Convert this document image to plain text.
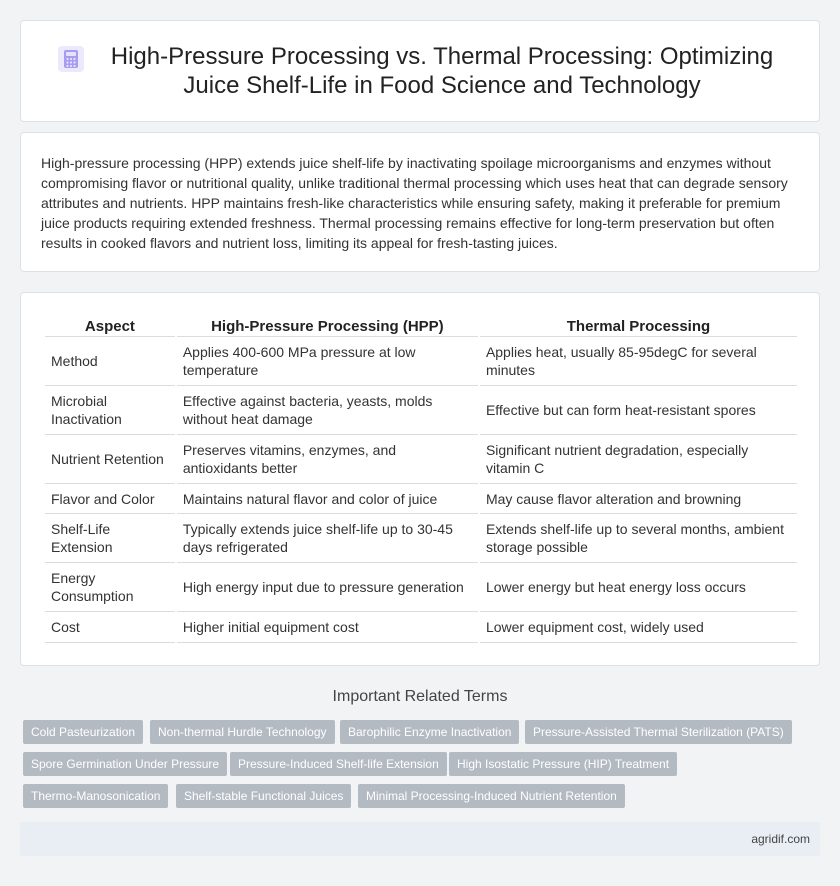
High-Pressure Processing vs. Thermal Processing: Optimizing Juice Shelf-Life in Food Science and Technology

High-pressure processing (HPP) extends juice shelf-life by inactivating spoilage microorganisms and enzymes without compromising flavor or nutritional quality, unlike traditional thermal processing which uses heat that can degrade sensory attributes and nutrients. HPP maintains fresh-like characteristics while ensuring safety, making it preferable for premium juice products requiring extended freshness. Thermal processing remains effective for long-term preservation but often results in cooked flavors and nutrient loss, limiting its appeal for fresh-tasting juices.

Aspect	High-Pressure Processing (HPP)	Thermal Processing
Method	Applies 400-600 MPa pressure at low temperature	Applies heat, usually 85-95degC for several minutes
Microbial Inactivation	Effective against bacteria, yeasts, molds without heat damage	Effective but can form heat-resistant spores
Nutrient Retention	Preserves vitamins, enzymes, and antioxidants better	Significant nutrient degradation, especially vitamin C
Flavor and Color	Maintains natural flavor and color of juice	May cause flavor alteration and browning
Shelf-Life Extension	Typically extends juice shelf-life up to 30-45 days refrigerated	Extends shelf-life up to several months, ambient storage possible
Energy Consumption	High energy input due to pressure generation	Lower energy but heat energy loss occurs
Cost	Higher initial equipment cost	Lower equipment cost, widely used
Important Related Terms
Cold Pasteurization	Non-thermal Hurdle Technology	Barophilic Enzyme Inactivation	Pressure-Assisted Thermal Sterilization (PATS)
Spore Germination Under Pressure	Pressure-Induced Shelf-life Extension	High Isostatic Pressure (HIP) Treatment
Thermo-Manosonication	Shelf-stable Functional Juices	Minimal Processing-Induced Nutrient Retention
agridif.com
